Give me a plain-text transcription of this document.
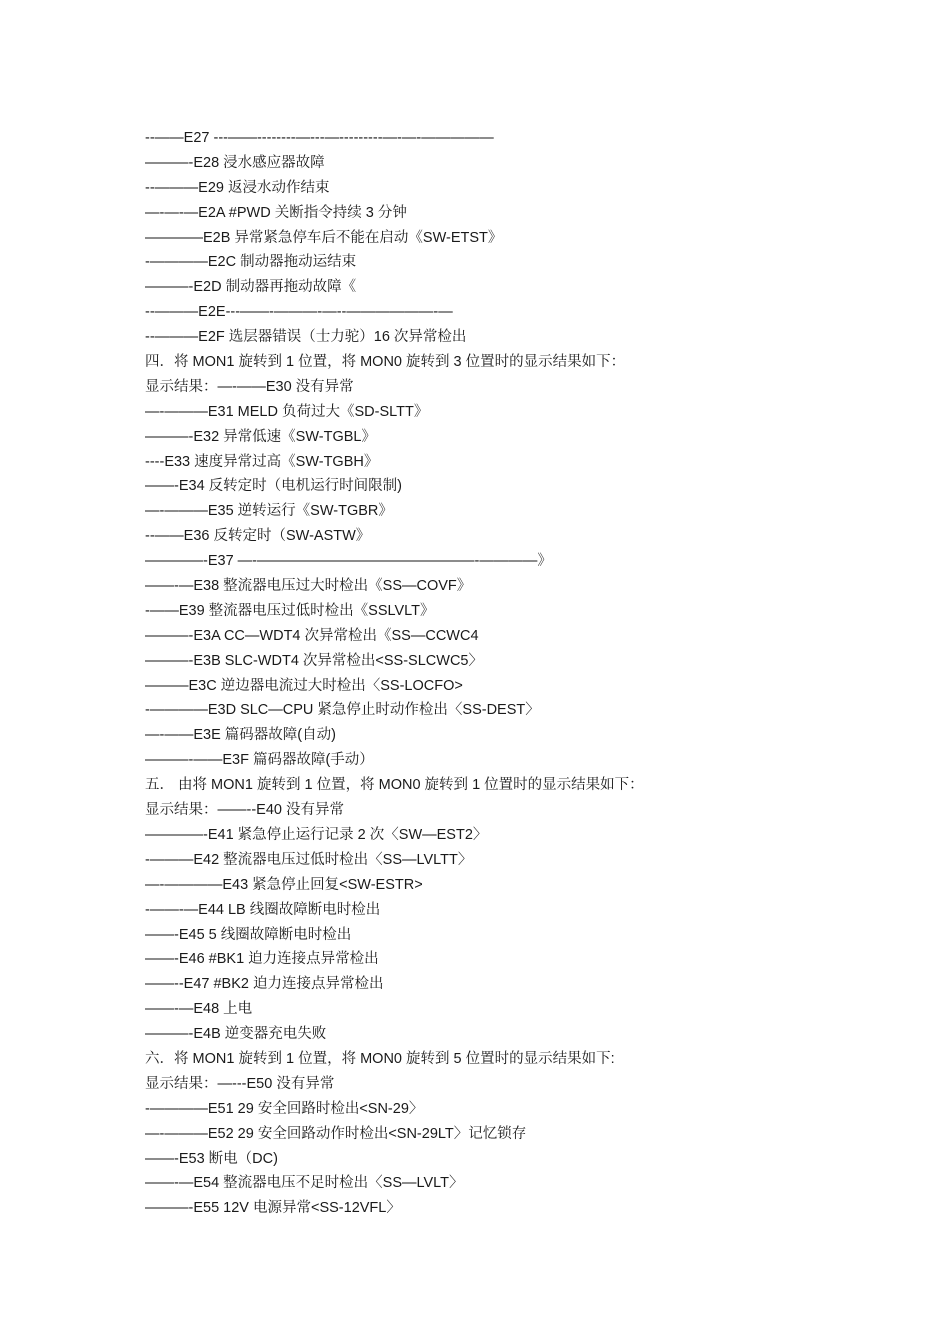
--——E27 ---——--------—---—---------—-—-—————
———-E28 浸水感应器故障
--———E29 返浸水动作结束
—-—-—E2A #PWD 关断指令持续 3 分钟
————E2B 异常紧急停车后不能在启动《SW-ETST》
-————E2C 制动器拖动运结束
———-E2D 制动器再拖动故障《
--———E2E---——-———-—--——————-—
--———E2F 选层器错误（士力驼）16 次异常检出
四．将 MON1 旋转到 1 位置，将 MON0 旋转到 3 位置时的显示结果如下：
显示结果：—-——E30 没有异常
—-———E31 MELD 负荷过大《SD-SLTT》
———-E32 异常低速《SW-TGBL》
----E33 速度异常过高《SW-TGBH》
——-E34 反转定时（电机运行时间限制)
—-———E35 逆转运行《SW-TGBR》
--——E36 反转定时（SW-ASTW》
————-E37 —-———————————————-————》
——-—E38 整流器电压过大时检出《SS—COVF》
-——E39 整流器电压过低时检出《SSLVLT》
———-E3A CC—WDT4 次异常检出《SS—CCWC4
———-E3B SLC-WDT4 次异常检出<SS-SLCWC5〉
———E3C 逆边器电流过大时检出〈SS-LOCFO>
-————E3D SLC—CPU 紧急停止时动作检出〈SS-DEST〉
—-——E3E 篇码器故障(自动)
———-——E3F 篇码器故障(手动）
五． 由将 MON1 旋转到 1 位置，将 MON0 旋转到 1 位置时的显示结果如下：
显示结果：——--E40 没有异常
————-E41 紧急停止运行记录 2 次〈SW—EST2〉
-———E42 整流器电压过低时检出〈SS—LVLTT〉
—-————E43 紧急停止回复<SW-ESTR>
-——-—E44 LB 线圈故障断电时检出
——-E45 5 线圈故障断电时检出
——-E46 #BK1 迫力连接点异常检出
——--E47 #BK2 迫力连接点异常检出
——-—E48 上电
———-E4B 逆变器充电失败
六．将 MON1 旋转到 1 位置，将 MON0 旋转到 5 位置时的显示结果如下:
显示结果：—---E50 没有异常
-————E51 29 安全回路时检出<SN-29〉
—-———E52 29 安全回路动作时检出<SN-29LT〉记忆锁存
——-E53 断电（DC)
——-—E54 整流器电压不足时检出〈SS—LVLT〉
———-E55 12V 电源异常<SS-12VFL〉
